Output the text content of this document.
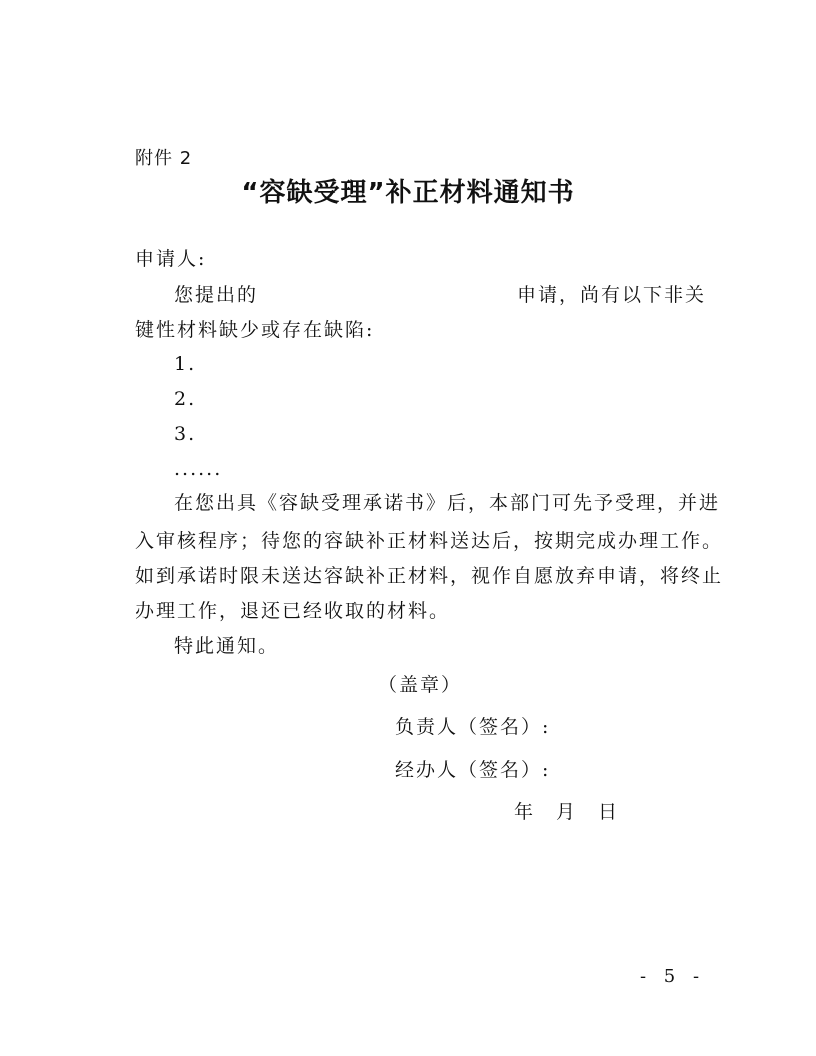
附件 2
“容缺受理”补正材料通知书
申请人:
您提出的	申请，尚有以下非关
键性材料缺少或存在缺陷:
1.
2.
3.
......
在您出具《容缺受理承诺书》后，本部门可先予受理，并进
入审核程序；待您的容缺补正材料送达后，按期完成办理工作。
如到承诺时限未送达容缺补正材料，视作自愿放弃申请，将终止
办理工作，退还已经收取的材料。
特此通知。
（盖章）
负责人（签名）:
经办人（签名）:
年　月　日
- 5 -
